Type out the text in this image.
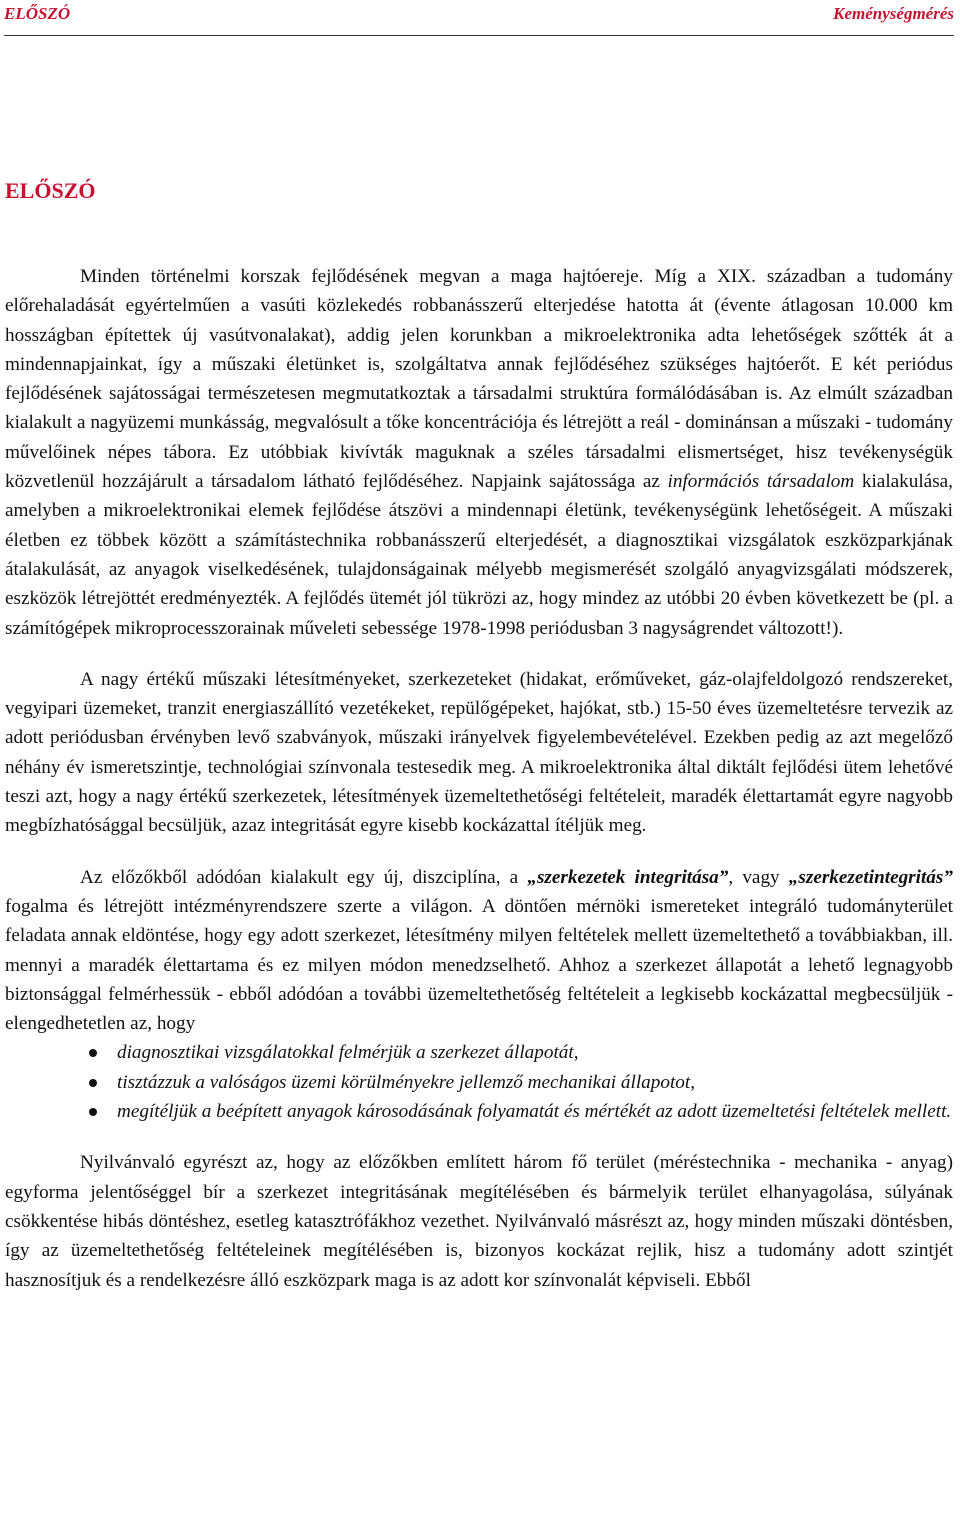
ELŐSZÓ	Keménységmérés
ELŐSZÓ

Minden történelmi korszak fejlődésének megvan a maga hajtóereje. Míg a XIX. században a tudomány előrehaladását egyértelműen a vasúti közlekedés robbanásszerű elterjedése hatotta át (évente átlagosan 10.000 km hosszágban építettek új vasútvonalakat), addig jelen korunkban a mikroelektronika adta lehetőségek szőtték át a mindennapjainkat, így a műszaki életünket is, szolgáltatva annak fejlődéséhez szükséges hajtóerőt. E két periódus fejlődésének sajátosságai természetesen megmutatkoztak a társadalmi struktúra formálódásában is. Az elmúlt században kialakult a nagyüzemi munkásság, megvalósult a tőke koncentrációja és létrejött a reál - dominánsan a műszaki - tudomány művelőinek népes tábora. Ez utóbbiak kivívták maguknak a széles társadalmi elismertséget, hisz tevékenységük közvetlenül hozzájárult a társadalom látható fejlődéséhez. Napjaink sajátossága az információs társadalom kialakulása, amelyben a mikroelektronikai elemek fejlődése átszövi a mindennapi életünk, tevékenységünk lehetőségeit. A műszaki életben ez többek között a számítástechnika robbanásszerű elterjedését, a diagnosztikai vizsgálatok eszközparkjának átalakulását, az anyagok viselkedésének, tulajdonságainak mélyebb megismerését szolgáló anyagvizsgálati módszerek, eszközök létrejöttét eredményezték. A fejlődés ütemét jól tükrözi az, hogy mindez az utóbbi 20 évben következett be (pl. a számítógépek mikroprocesszorainak műveleti sebessége 1978-1998 periódusban 3 nagyságrendet változott!).

A nagy értékű műszaki létesítményeket, szerkezeteket (hidakat, erőműveket, gáz-olajfeldolgozó rendszereket, vegyipari üzemeket, tranzit energiaszállító vezetékeket, repülőgépeket, hajókat, stb.) 15-50 éves üzemeltetésre tervezik az adott periódusban érvényben levő szabványok, műszaki irányelvek figyelembevételével. Ezekben pedig az azt megelőző néhány év ismeretszintje, technológiai színvonala testesedik meg. A mikroelektronika által diktált fejlődési ütem lehetővé teszi azt, hogy a nagy értékű szerkezetek, létesítmények üzemeltethetőségi feltételeit, maradék élettartamát egyre nagyobb megbízhatósággal becsüljük, azaz integritását egyre kisebb kockázattal ítéljük meg.

Az előzőkből adódóan kialakult egy új, diszciplína, a „szerkezetek integritása”, vagy „szerkezetintegritás” fogalma és létrejött intézményrendszere szerte a világon. A döntően mérnöki ismereteket integráló tudományterület feladata annak eldöntése, hogy egy adott szerkezet, létesítmény milyen feltételek mellett üzemeltethető a továbbiakban, ill. mennyi a maradék élettartama és ez milyen módon menedzselhető. Ahhoz a szerkezet állapotát a lehető legnagyobb biztonsággal felmérhessük - ebből adódóan a további üzemeltethetőség feltételeit a legkisebb kockázattal megbecsüljük - elengedhetetlen az, hogy

diagnosztikai vizsgálatokkal felmérjük a szerkezet állapotát,
tisztázzuk a valóságos üzemi körülményekre jellemző mechanikai állapotot,
megítéljük a beépített anyagok károsodásának folyamatát és mértékét az adott üzemeltetési feltételek mellett.

Nyilvánvaló egyrészt az, hogy az előzőkben említett három fő terület (méréstechnika - mechanika - anyag) egyforma jelentőséggel bír a szerkezet integritásának megítélésében és bármelyik terület elhanyagolása, súlyának csökkentése hibás döntéshez, esetleg katasztrófákhoz vezethet. Nyilvánvaló másrészt az, hogy minden műszaki döntésben, így az üzemeltethetőség feltételeinek megítélésében is, bizonyos kockázat rejlik, hisz a tudomány adott szintjét hasznosítjuk és a rendelkezésre álló eszközpark maga is az adott kor színvonalát képviseli. Ebből
